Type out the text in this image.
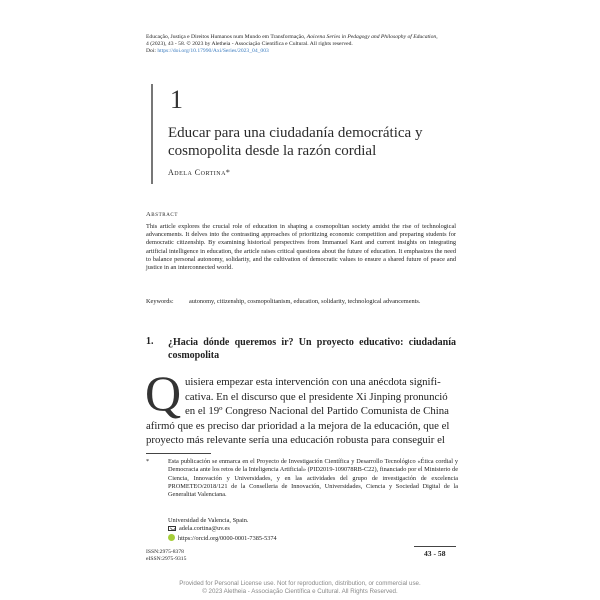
Educação, Justiça e Direitos Humanos num Mundo em Transformação, Aoicena Series in Pedagogy and Philosophy of Education,
4 (2023), 43 - 58. © 2023 by Aletheia - Associação Científica e Cultural. All rights reserved.
Doi: https://doi.org/10.17990/Axi/Series/2023_04_003
1
Educar para una ciudadanía democrática y
cosmopolita desde la razón cordial
Adela Cortina*
Abstract
This article explores the crucial role of education in shaping a cosmopolitan society amidst the rise of technological advancements. It delves into the contrasting approaches of prioritizing economic competition and preparing students for democratic citizenship. By examining historical perspectives from Immanuel Kant and current insights on integrating artificial intelligence in education, the article raises critical questions about the future of education. It emphasizes the need to balance personal autonomy, solidarity, and the cultivation of democratic values to ensure a shared future of peace and justice in an interconnected world.
Keywords: autonomy, citizenship, cosmopolitanism, education, solidarity, technological advancements.
1. ¿Hacia dónde queremos ir? Un proyecto educativo: ciudadanía cosmopolita
Q uisiera empezar esta intervención con una anécdota signifi-
cativa. En el discurso que el presidente Xi Jinping pronunció
en el 19º Congreso Nacional del Partido Comunista de China
afirmó que es preciso dar prioridad a la mejora de la educación, que el
proyecto más relevante sería una educación robusta para conseguir el
*	Esta publicación se enmarca en el Proyecto de Investigación Científica y Desarrollo Tecnológico «Ética cordial y Democracia ante los retos de la Inteligencia Artificial» (PID2019-109078RB-C22), financiado por el Ministerio de Ciencia, Innovación y Universidades, y en las actividades del grupo de investigación de excelencia PROMETEO/2018/121 de la Conselleria de Innovación, Universidades, Ciencia y Sociedad Digital de la Generalitat Valenciana.
Universidad de Valencia, Spain.
adela.cortina@uv.es
https://orcid.org/0000-0001-7385-5374
ISSN:2975-8378
eISSN:2975-9315
43 - 58
Provided for Personal License use. Not for reproduction, distribution, or commercial use.
© 2023 Aletheia - Associação Científica e Cultural. All Rights Reserved.
